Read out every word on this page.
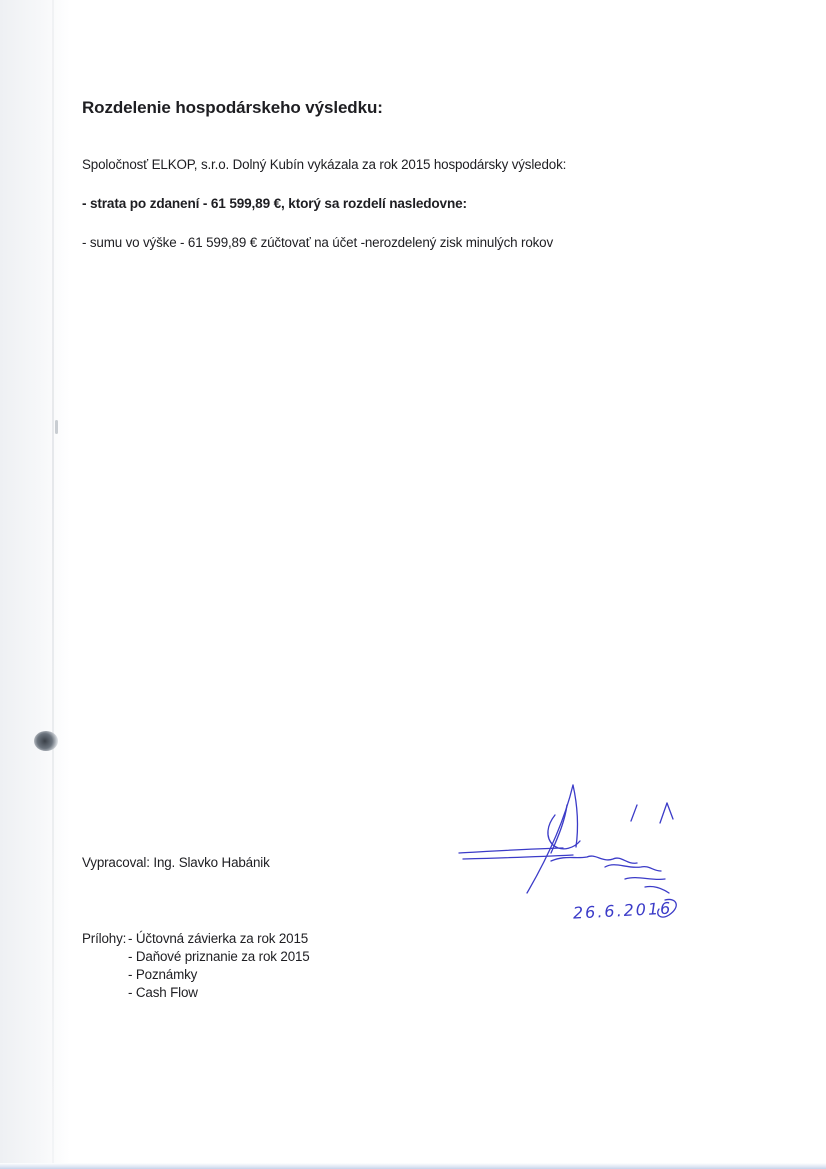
Rozdelenie hospodárskeho výsledku:
Spoločnosť ELKOP, s.r.o. Dolný Kubín vykázala za rok 2015 hospodársky výsledok:
- strata po zdanení - 61 599,89 €, ktorý sa rozdelí nasledovne:
- sumu vo výške - 61 599,89 € zúčtovať na účet -nerozdelený zisk minulých rokov
Vypracoval: Ing. Slavko Habánik
Prílohy: - Účtovná závierka za rok 2015
- Daňové priznanie za rok 2015
- Poznámky
- Cash Flow
26.6.2016
